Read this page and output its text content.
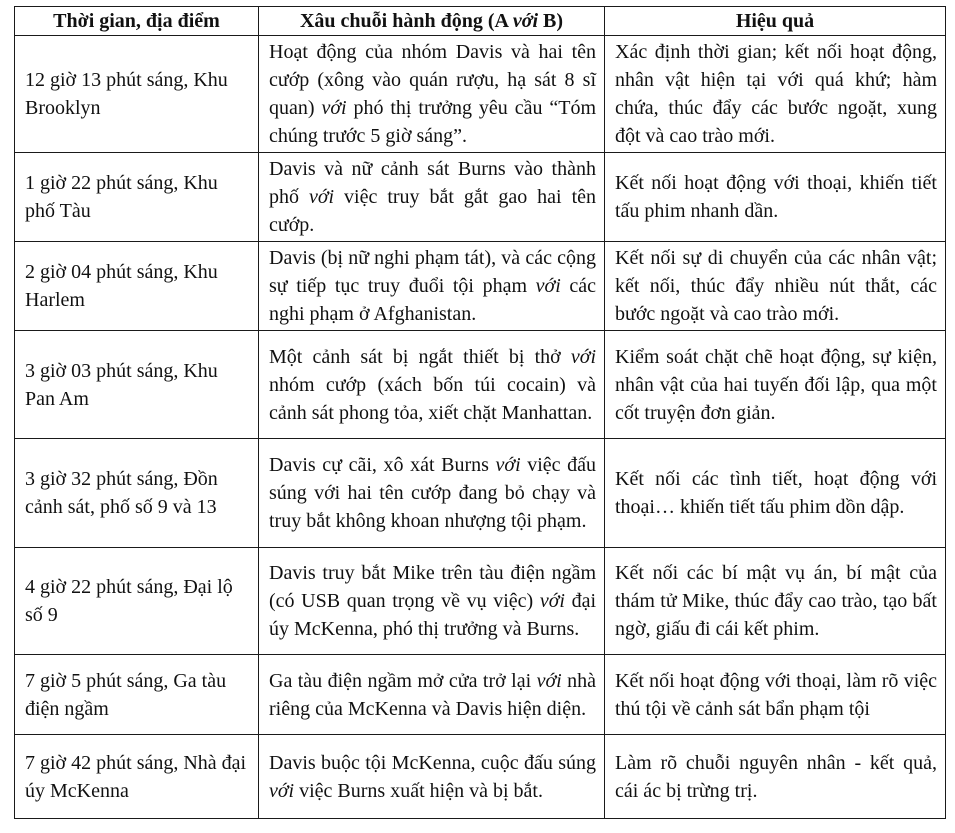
Thời gian, địa điểm	Xâu chuỗi hành động (A với B)	Hiệu quả
12 giờ 13 phút sáng, Khu Brooklyn	Hoạt động của nhóm Davis và hai tên cướp (xông vào quán rượu, hạ sát 8 sĩ quan) với phó thị trưởng yêu cầu “Tóm chúng trước 5 giờ sáng”.	Xác định thời gian; kết nối hoạt động, nhân vật hiện tại với quá khứ; hàm chứa, thúc đẩy các bước ngoặt, xung đột và cao trào mới.
1 giờ 22 phút sáng, Khu phố Tàu	Davis và nữ cảnh sát Burns vào thành phố với việc truy bắt gắt gao hai tên cướp.	Kết nối hoạt động với thoại, khiến tiết tấu phim nhanh dần.
2 giờ 04 phút sáng, Khu Harlem	Davis (bị nữ nghi phạm tát), và các cộng sự tiếp tục truy đuổi tội phạm với các nghi phạm ở Afghanistan.	Kết nối sự di chuyển của các nhân vật; kết nối, thúc đẩy nhiều nút thắt, các bước ngoặt và cao trào mới.
3 giờ 03 phút sáng, Khu Pan Am	Một cảnh sát bị ngắt thiết bị thở với nhóm cướp (xách bốn túi cocain) và cảnh sát phong tỏa, xiết chặt Manhattan.	Kiểm soát chặt chẽ hoạt động, sự kiện, nhân vật của hai tuyến đối lập, qua một cốt truyện đơn giản.
3 giờ 32 phút sáng, Đồn cảnh sát, phố số 9 và 13	Davis cự cãi, xô xát Burns với việc đấu súng với hai tên cướp đang bỏ chạy và truy bắt không khoan nhượng tội phạm.	Kết nối các tình tiết, hoạt động với thoại… khiến tiết tấu phim dồn dập.
4 giờ 22 phút sáng, Đại lộ số 9	Davis truy bắt Mike trên tàu điện ngầm (có USB quan trọng về vụ việc) với đại úy McKenna, phó thị trưởng và Burns.	Kết nối các bí mật vụ án, bí mật của thám tử Mike, thúc đẩy cao trào, tạo bất ngờ, giấu đi cái kết phim.
7 giờ 5 phút sáng, Ga tàu điện ngầm	Ga tàu điện ngầm mở cửa trở lại với nhà riêng của McKenna và Davis hiện diện.	Kết nối hoạt động với thoại, làm rõ việc thú tội về cảnh sát bẩn phạm tội
7 giờ 42 phút sáng, Nhà đại úy McKenna	Davis buộc tội McKenna, cuộc đấu súng với việc Burns xuất hiện và bị bắt.	Làm rõ chuỗi nguyên nhân - kết quả, cái ác bị trừng trị.
